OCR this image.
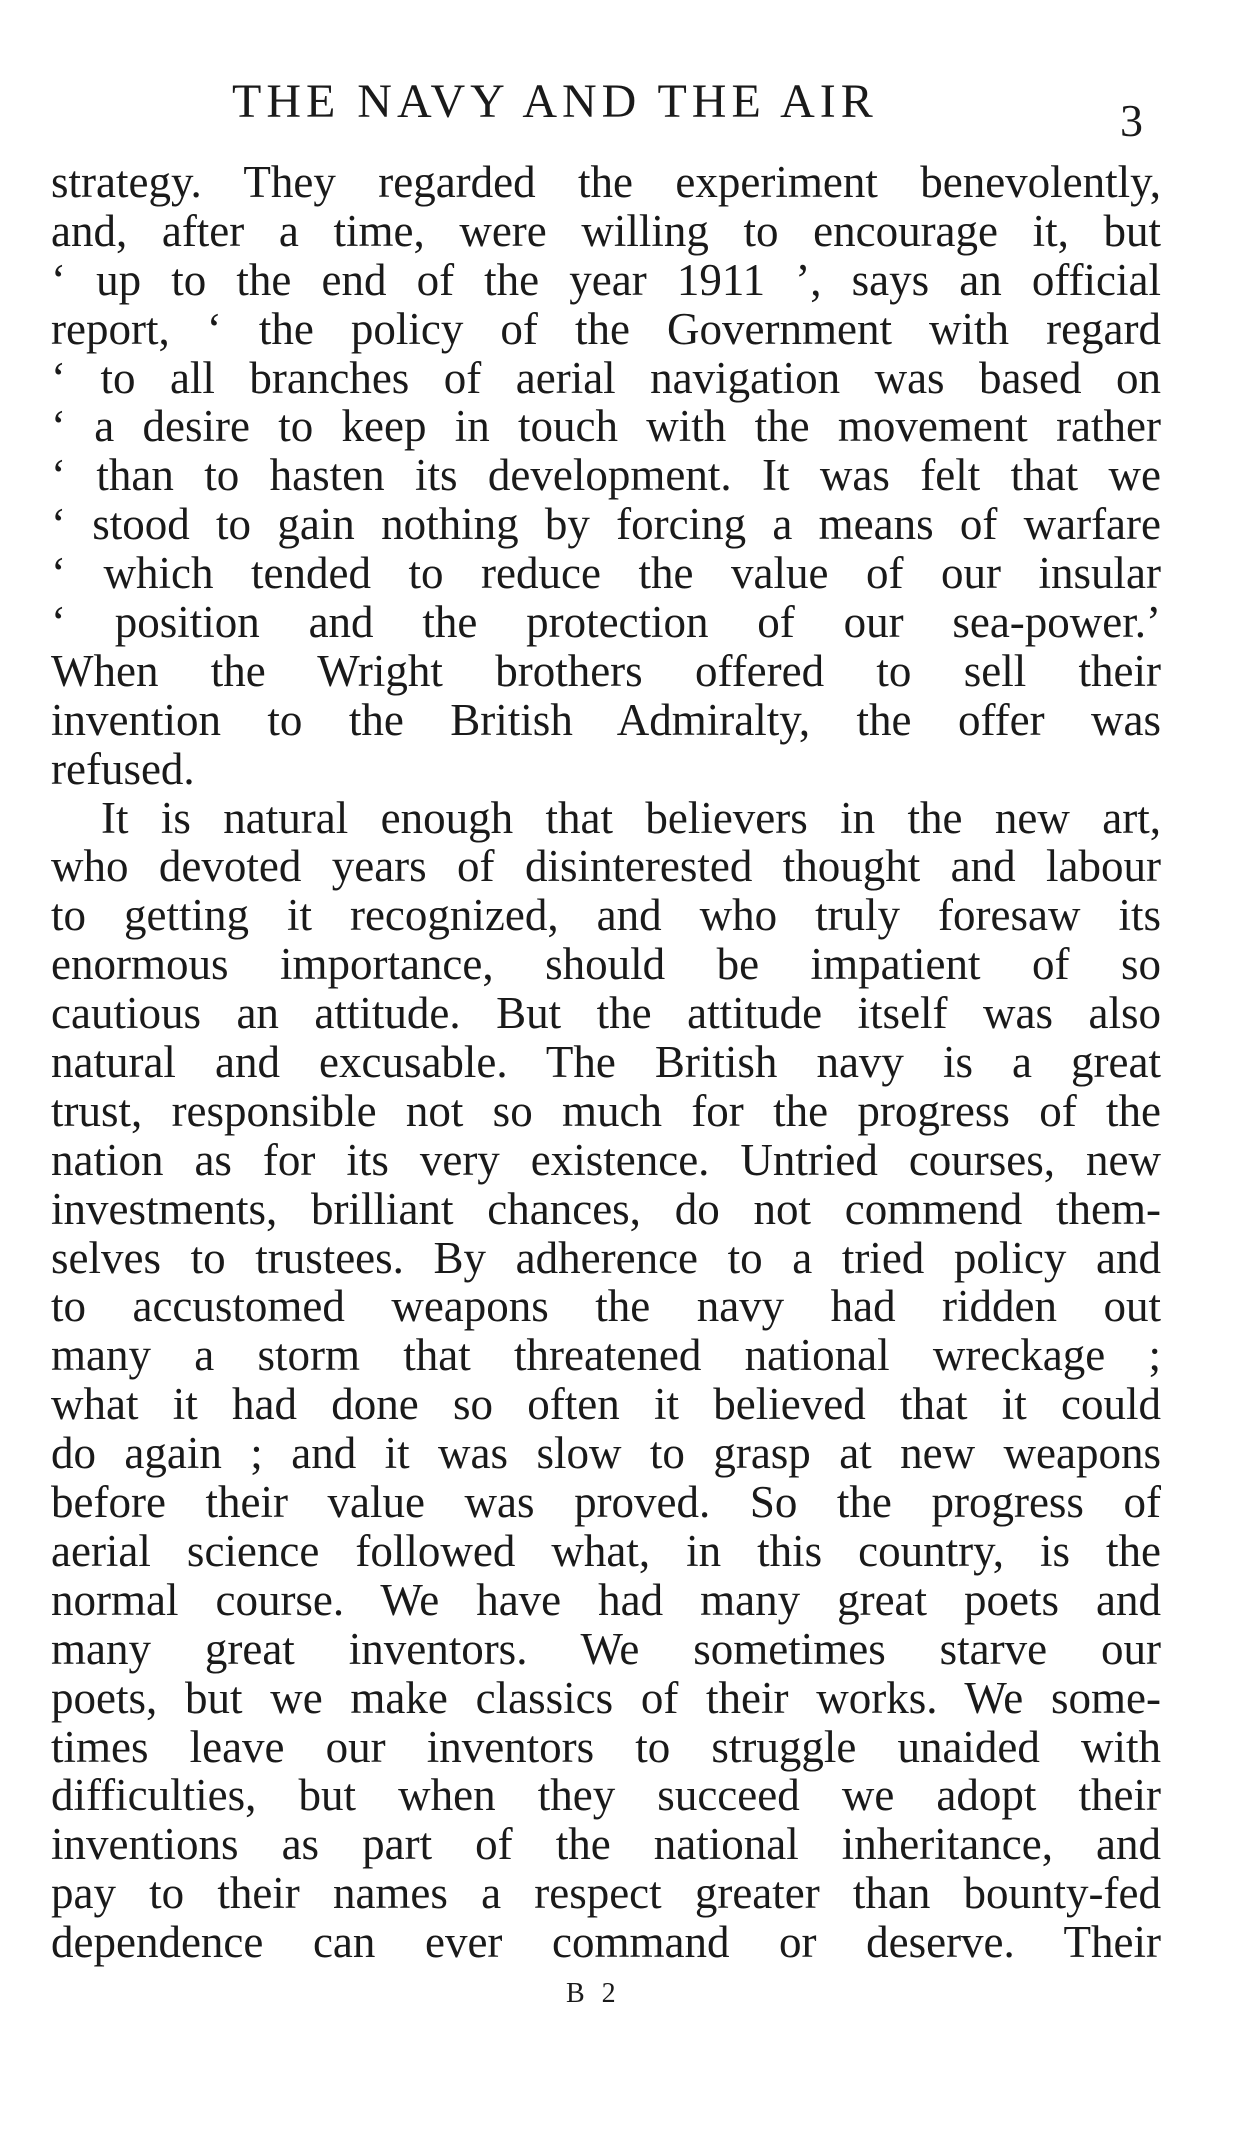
THE NAVY AND THE AIR	3
strategy. They regarded the experiment benevolently,
and, after a time, were willing to encourage it, but
‘ up to the end of the year 1911 ’, says an official
report, ‘ the policy of the Government with regard
‘ to all branches of aerial navigation was based on
‘ a desire to keep in touch with the movement rather
‘ than to hasten its development. It was felt that we
‘ stood to gain nothing by forcing a means of warfare
‘ which tended to reduce the value of our insular
‘ position and the protection of our sea-power.’
When the Wright brothers offered to sell their
invention to the British Admiralty, the offer was
refused.
It is natural enough that believers in the new art,
who devoted years of disinterested thought and labour
to getting it recognized, and who truly foresaw its
enormous importance, should be impatient of so
cautious an attitude. But the attitude itself was also
natural and excusable. The British navy is a great
trust, responsible not so much for the progress of the
nation as for its very existence. Untried courses, new
investments, brilliant chances, do not commend them-
selves to trustees. By adherence to a tried policy and
to accustomed weapons the navy had ridden out
many a storm that threatened national wreckage ;
what it had done so often it believed that it could
do again ; and it was slow to grasp at new weapons
before their value was proved. So the progress of
aerial science followed what, in this country, is the
normal course. We have had many great poets and
many great inventors. We sometimes starve our
poets, but we make classics of their works. We some-
times leave our inventors to struggle unaided with
difficulties, but when they succeed we adopt their
inventions as part of the national inheritance, and
pay to their names a respect greater than bounty-fed
dependence can ever command or deserve. Their
B 2
